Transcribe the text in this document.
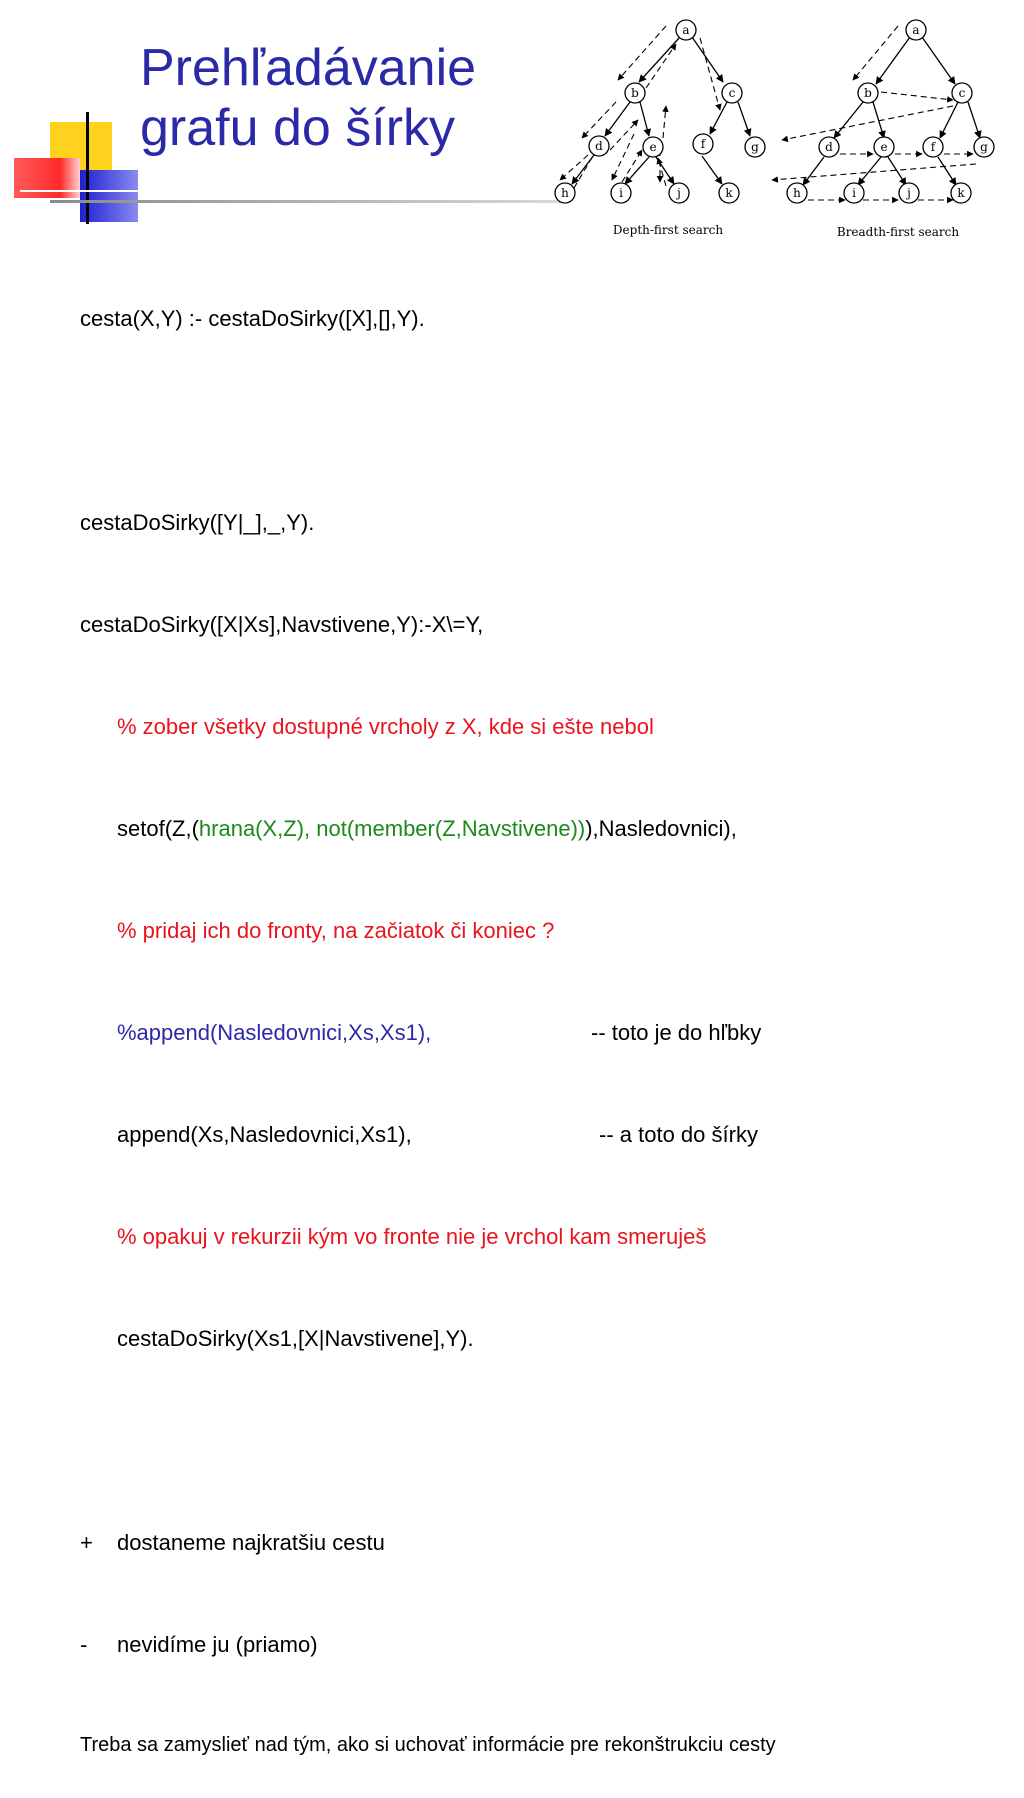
Prehľadávanie
grafu do šírky
a
b	c
d	e	f	g
h	i	j	k
a
b	c
d	e	f	g
h	i	j	k
Depth-first search	Breadth-first search

cesta(X,Y) :- cestaDoSirky([X],[],Y).

cestaDoSirky([Y|_],_,Y).

cestaDoSirky([X|Xs],Navstivene,Y):-X\=Y,

% zober všetky dostupné vrcholy z X, kde si ešte nebol

setof(Z,(hrana(X,Z), not(member(Z,Navstivene))),Nasledovnici),

% pridaj ich do fronty, na začiatok či koniec ?

%append(Nasledovnici,Xs,Xs1),	-- toto je do hľbky

append(Xs,Nasledovnici,Xs1),	-- a toto do šírky

% opakuj v rekurzii kým vo fronte nie je vrchol kam smeruješ

cestaDoSirky(Xs1,[X|Navstivene],Y).

+ dostaneme najkratšiu cestu

- nevidíme ju (priamo)

Treba sa zamyslieť nad tým, ako si uchovať informácie pre rekonštrukciu cesty
